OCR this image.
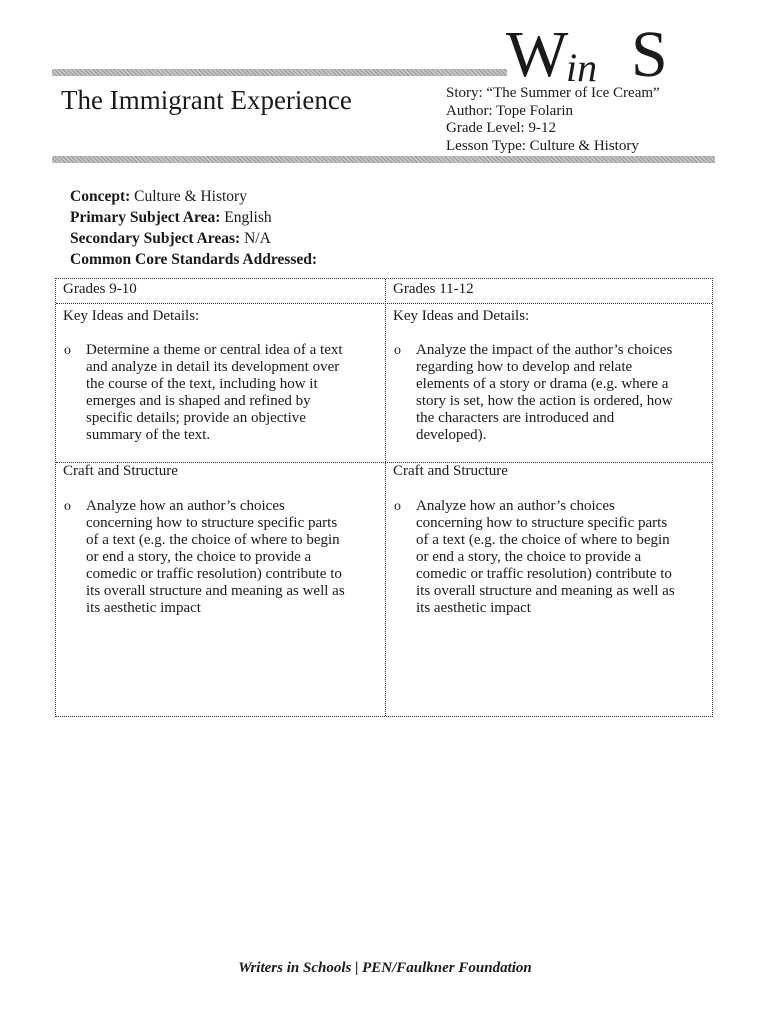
W
in S
The Immigrant Experience	Story: “The Summer of Ice Cream”
Author: Tope Folarin
Grade Level: 9-12
Lesson Type: Culture & History
Concept: Culture & History
Primary Subject Area: English
Secondary Subject Areas: N/A
Common Core Standards Addressed:
Grades 9-10
Key Ideas and Details:
o Determine a theme or central idea of a text
and analyze in detail its development over
the course of the text, including how it
emerges and is shaped and refined by
specific details; provide an objective
summary of the text.
Craft and Structure
o Analyze how an author’s choices
concerning how to structure specific parts
of a text (e.g. the choice of where to begin
or end a story, the choice to provide a
comedic or traffic resolution) contribute to
its overall structure and meaning as well as
its aesthetic impact
Grades 11-12
Key Ideas and Details:
o Analyze the impact of the author’s choices
regarding how to develop and relate
elements of a story or drama (e.g. where a
story is set, how the action is ordered, how
the characters are introduced and
developed).
Craft and Structure
o Analyze how an author’s choices
concerning how to structure specific parts
of a text (e.g. the choice of where to begin
or end a story, the choice to provide a
comedic or traffic resolution) contribute to
its overall structure and meaning as well as
its aesthetic impact
Writers in Schools | PEN/Faulkner Foundation
